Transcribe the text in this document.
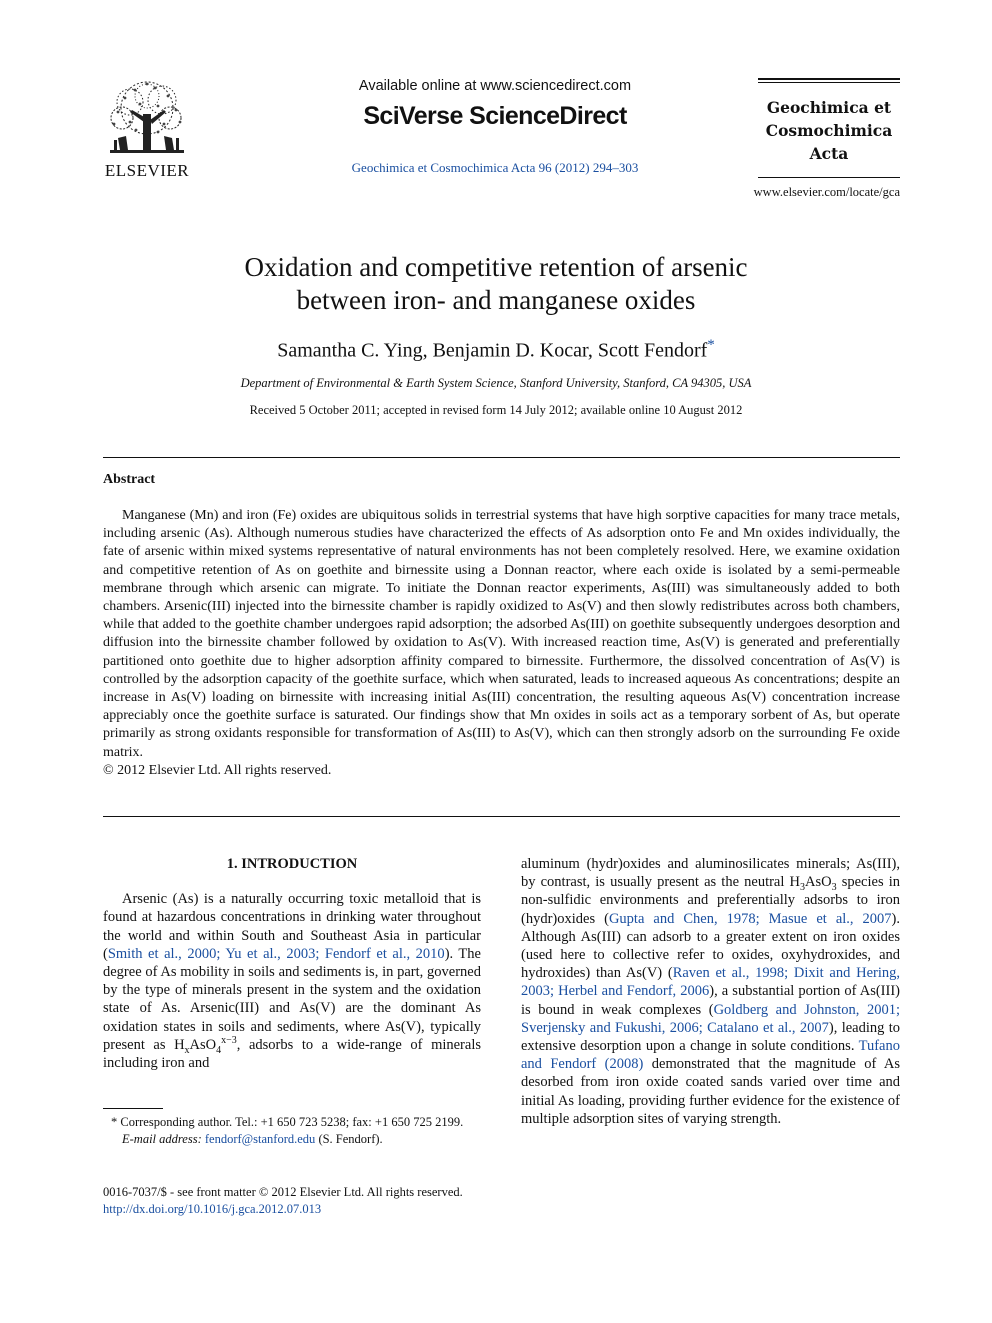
ELSEVIER
Available online at www.sciencedirect.com
SciVerse ScienceDirect
Geochimica et Cosmochimica Acta 96 (2012) 294–303
Geochimica et
Cosmochimica
Acta
www.elsevier.com/locate/gca
Oxidation and competitive retention of arsenic
between iron- and manganese oxides
Samantha C. Ying, Benjamin D. Kocar, Scott Fendorf*
Department of Environmental & Earth System Science, Stanford University, Stanford, CA 94305, USA
Received 5 October 2011; accepted in revised form 14 July 2012; available online 10 August 2012
Abstract

Manganese (Mn) and iron (Fe) oxides are ubiquitous solids in terrestrial systems that have high sorptive capacities for many trace metals, including arsenic (As). Although numerous studies have characterized the effects of As adsorption onto Fe and Mn oxides individually, the fate of arsenic within mixed systems representative of natural environments has not been completely resolved. Here, we examine oxidation and competitive retention of As on goethite and birnessite using a Donnan reactor, where each oxide is isolated by a semi-permeable membrane through which arsenic can migrate. To initiate the Donnan reactor experiments, As(III) was simultaneously added to both chambers. Arsenic(III) injected into the birnessite chamber is rapidly oxidized to As(V) and then slowly redistributes across both chambers, while that added to the goethite chamber undergoes rapid adsorption; the adsorbed As(III) on goethite subsequently undergoes desorption and diffusion into the birnessite chamber followed by oxidation to As(V). With increased reaction time, As(V) is generated and preferentially partitioned onto goethite due to higher adsorption affinity compared to birnessite. Furthermore, the dissolved concentration of As(V) is controlled by the adsorption capacity of the goethite surface, which when saturated, leads to increased aqueous As concentrations; despite an increase in As(V) loading on birnessite with increasing initial As(III) concentration, the resulting aqueous As(V) concentration increase appreciably once the goethite surface is saturated. Our findings show that Mn oxides in soils act as a temporary sorbent of As, but operate primarily as strong oxidants responsible for transformation of As(III) to As(V), which can then strongly adsorb on the surrounding Fe oxide matrix.

© 2012 Elsevier Ltd. All rights reserved.

1. INTRODUCTION

Arsenic (As) is a naturally occurring toxic metalloid that is found at hazardous concentrations in drinking water throughout the world and within South and Southeast Asia in particular (Smith et al., 2000; Yu et al., 2003; Fendorf et al., 2010). The degree of As mobility in soils and sediments is, in part, governed by the type of minerals present in the system and the oxidation state of As. Arsenic(III) and As(V) are the dominant As oxidation states in soils and sediments, where As(V), typically present as $H_xAsO_4^{x-3}$, adsorbs to a wide-range of minerals including iron and

aluminum (hydr)oxides and aluminosilicates minerals; As(III), by contrast, is usually present as the neutral $H_3AsO_3$ species in non-sulfidic environments and preferentially adsorbs to iron (hydr)oxides (Gupta and Chen, 1978; Masue et al., 2007). Although As(III) can adsorb to a greater extent on iron oxides (used here to collective refer to oxides, oxyhydroxides, and hydroxides) than As(V) (Raven et al., 1998; Dixit and Hering, 2003; Herbel and Fendorf, 2006), a substantial portion of As(III) is bound in weak complexes (Goldberg and Johnston, 2001; Sverjensky and Fukushi, 2006; Catalano et al., 2007), leading to extensive desorption upon a change in solute conditions. Tufano and Fendorf (2008) demonstrated that the magnitude of As desorbed from iron oxide coated sands varied over time and initial As loading, providing further evidence for the existence of multiple adsorption sites of varying strength.

* Corresponding author. Tel.: +1 650 723 5238; fax: +1 650 725 2199.
E-mail address: fendorf@stanford.edu (S. Fendorf).
0016-7037/$ - see front matter © 2012 Elsevier Ltd. All rights reserved.
http://dx.doi.org/10.1016/j.gca.2012.07.013
